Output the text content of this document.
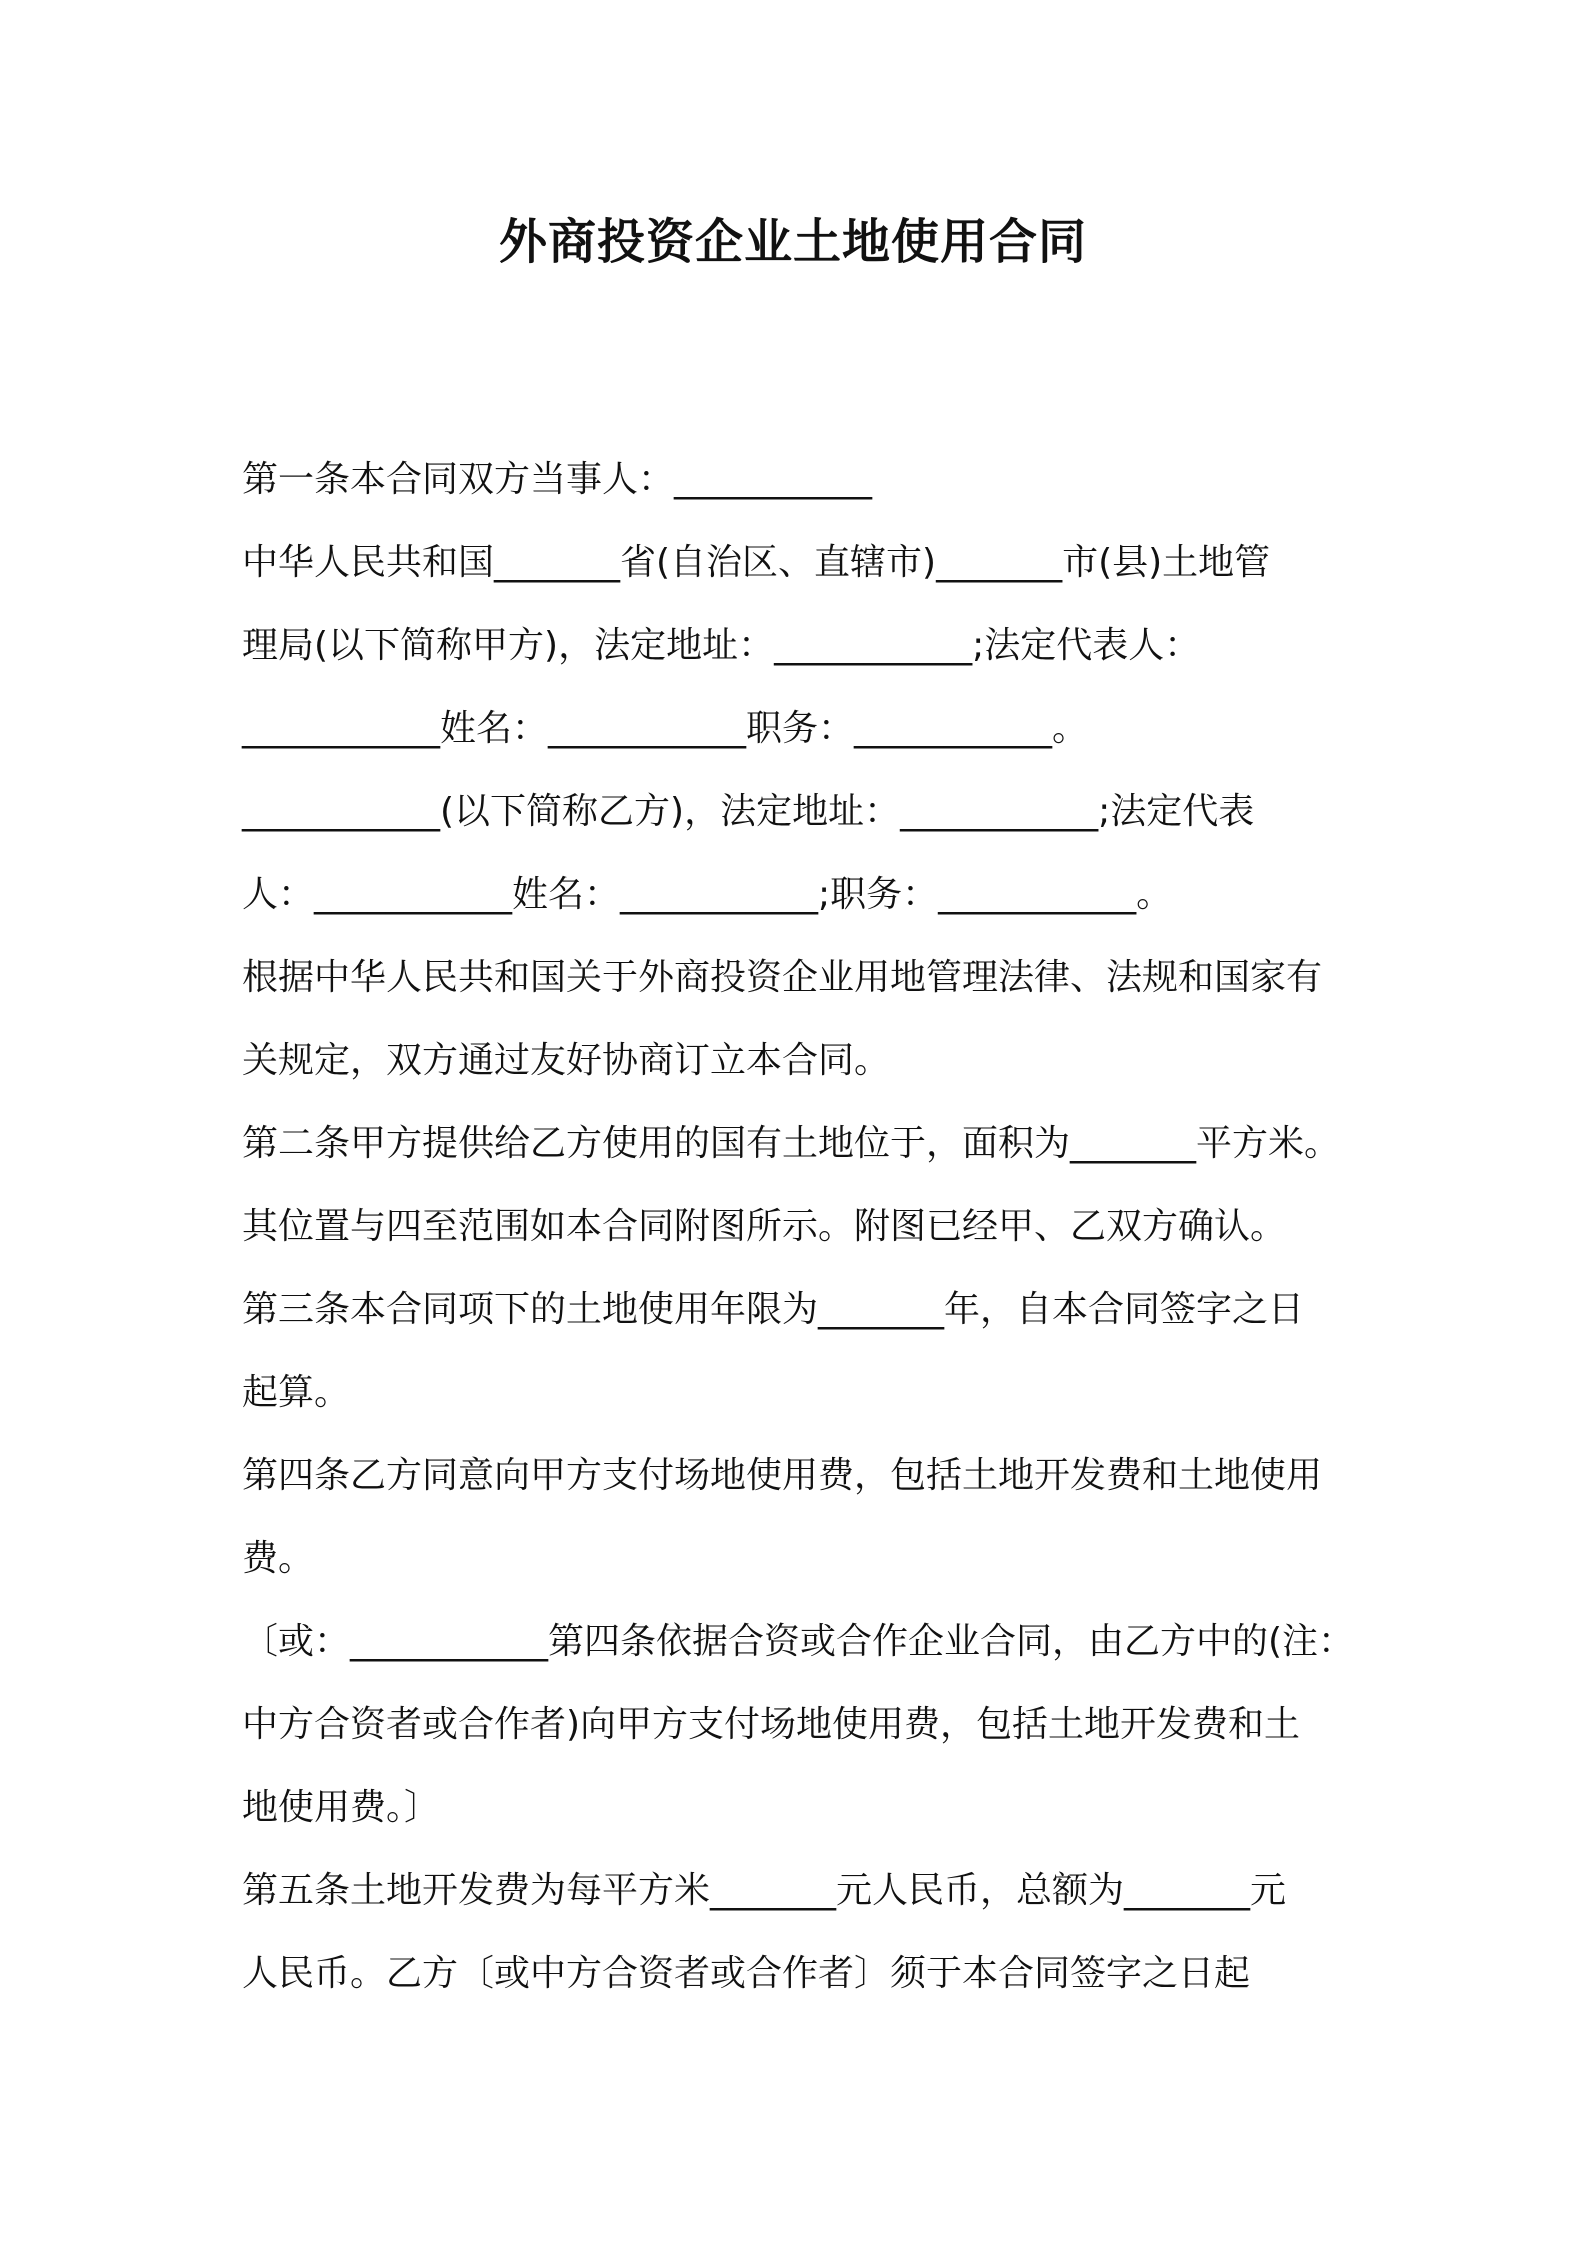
外商投资企业土地使用合同
第一条本合同双方当事人：___________
中华人民共和国_______省(自治区、直辖市)_______市(县)土地管
理局(以下简称甲方)，法定地址：___________;法定代表人：
___________姓名：___________职务：___________。
___________(以下简称乙方)，法定地址：___________;法定代表
人：___________姓名：___________;职务：___________。
根据中华人民共和国关于外商投资企业用地管理法律、法规和国家有
关规定，双方通过友好协商订立本合同。
第二条甲方提供给乙方使用的国有土地位于，面积为_______平方米。
其位置与四至范围如本合同附图所示。附图已经甲、乙双方确认。
第三条本合同项下的土地使用年限为_______年，自本合同签字之日
起算。
第四条乙方同意向甲方支付场地使用费，包括土地开发费和土地使用
费。
〔或：___________第四条依据合资或合作企业合同，由乙方中的(注：
中方合资者或合作者)向甲方支付场地使用费，包括土地开发费和土
地使用费。〕
第五条土地开发费为每平方米_______元人民币，总额为_______元
人民币。乙方〔或中方合资者或合作者〕须于本合同签字之日起
